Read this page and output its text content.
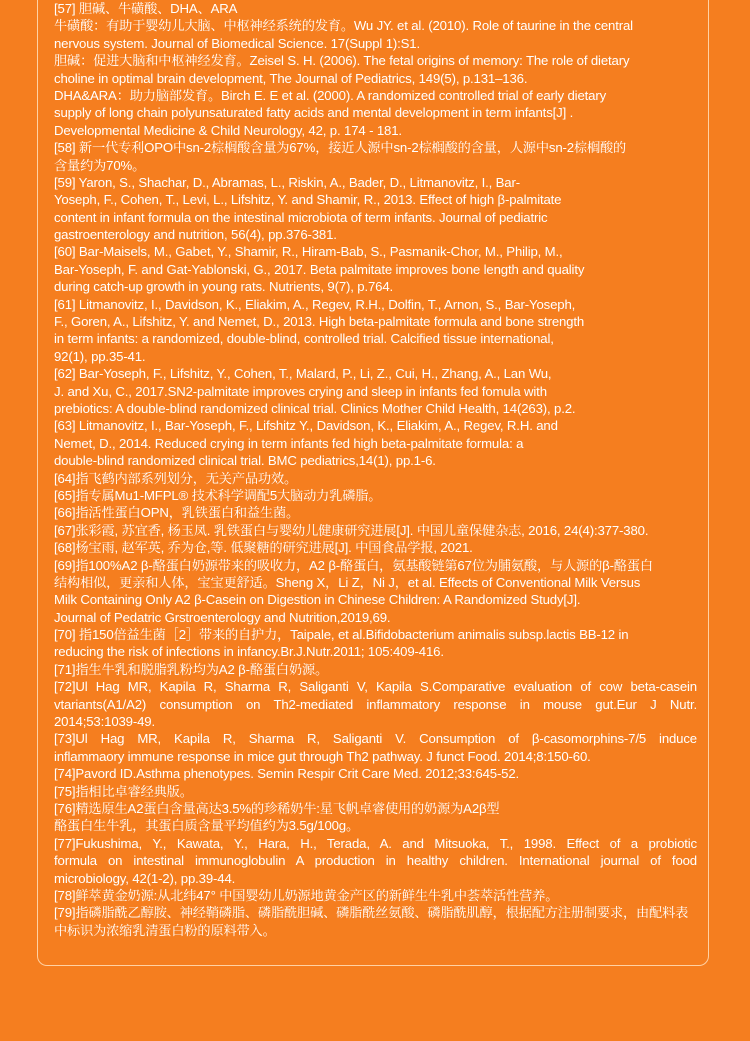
[57] 胆碱、牛磺酸、DHA、ARA
牛磺酸：有助于婴幼儿大脑、中枢神经系统的发育。Wu JY. et al. (2010). Role of taurine in the central
nervous system. Journal of Biomedical Science. 17(Suppl 1):S1.
胆碱：促进大脑和中枢神经发育。Zeisel S. H. (2006). The fetal origins of memory: The role of dietary
choline in optimal brain development, The Journal of Pediatrics, 149(5), p.131–136.
DHA&ARA：助力脑部发育。Birch E. E et al. (2000). A randomized controlled trial of early dietary
supply of long chain polyunsaturated fatty acids and mental development in term infants[J] .
Developmental Medicine & Child Neurology, 42, p. 174 - 181.
[58] 新一代专利OPO中sn-2棕榈酸含量为67%，接近人源中sn-2棕榈酸的含量，人源中sn-2棕榈酸的
含量约为70%。
[59] Yaron, S., Shachar, D., Abramas, L., Riskin, A., Bader, D., Litmanovitz, I., Bar-
Yoseph, F., Cohen, T., Levi, L., Lifshitz, Y. and Shamir, R., 2013. Effect of high β-palmitate
content in infant formula on the intestinal microbiota of term infants. Journal of pediatric
gastroenterology and nutrition, 56(4), pp.376-381.
[60] Bar-Maisels, M., Gabet, Y., Shamir, R., Hiram-Bab, S., Pasmanik-Chor, M., Philip, M.,
Bar-Yoseph, F. and Gat-Yablonski, G., 2017. Beta palmitate improves bone length and quality
during catch-up growth in young rats. Nutrients, 9(7), p.764.
[61] Litmanovitz, I., Davidson, K., Eliakim, A., Regev, R.H., Dolfin, T., Arnon, S., Bar-Yoseph,
F., Goren, A., Lifshitz, Y. and Nemet, D., 2013. High beta-palmitate formula and bone strength
in term infants: a randomized, double-blind, controlled trial. Calcified tissue international,
92(1), pp.35-41.
[62] Bar-Yoseph, F., Lifshitz, Y., Cohen, T., Malard, P., Li, Z., Cui, H., Zhang, A., Lan Wu,
J. and Xu, C., 2017.SN2-palmitate improves crying and sleep in infants fed fomula with
prebiotics: A double-blind randomized clinical trial. Clinics Mother Child Health, 14(263), p.2.
[63] Litmanovitz, I., Bar-Yoseph, F., Lifshitz Y., Davidson, K., Eliakim, A., Regev, R.H. and
Nemet, D., 2014. Reduced crying in term infants fed high beta-palmitate formula: a
double-blind randomized clinical trial. BMC pediatrics,14(1), pp.1-6.
[64]指飞鹤内部系列划分，无关产品功效。
[65]指专属Mu1-MFPL® 技术科学调配5大脑动力乳磷脂。
[66]指活性蛋白OPN，乳铁蛋白和益生菌。
[67]张彩霞, 苏宜香, 杨玉凤. 乳铁蛋白与婴幼儿健康研究进展[J]. 中国儿童保健杂志, 2016, 24(4):377-380.
[68]杨宝雨, 赵军英, 乔为仓,等. 低聚糖的研究进展[J]. 中国食品学报, 2021.
[69]指100%A2 β-酪蛋白奶源带来的吸收力，A2 β-酪蛋白，氨基酸链第67位为脯氨酸，与人源的β-酪蛋白
结构相似，更亲和人体，宝宝更舒适。Sheng X，Li Z，Ni J，et al. Effects of Conventional Milk Versus
Milk Containing Only A2 β-Casein on Digestion in Chinese Children: A Randomized Study[J].
Journal of Pedatric Grstroenterology and Nutrition,2019,69.
[70] 指150倍益生菌［2］带来的自护力，Taipale, et al.Bifidobacterium animalis subsp.lactis BB-12 in
reducing the risk of infections in infancy.Br.J.Nutr.2011; 105:409-416.
[71]指生牛乳和脱脂乳粉均为A2 β-酪蛋白奶源。
[72]Ul Hag MR, Kapila R, Sharma R, Saliganti V, Kapila S.Comparative evaluation of cow beta-casein
vtariants(A1/A2) consumption on Th2-mediated inflammatory response in mouse gut.Eur J Nutr.
2014;53:1039-49.
[73]Ul Hag MR, Kapila R, Sharma R, Saliganti V. Consumption of β-casomorphins-7/5 induce
inflammaory immune response in mice gut through Th2 pathway. J funct Food. 2014;8:150-60.
[74]Pavord ID.Asthma phenotypes. Semin Respir Crit Care Med. 2012;33:645-52.
[75]指相比卓睿经典版。
[76]精选原生A2蛋白含量高达3.5%的珍稀奶牛:星飞帆卓睿使用的奶源为A2β型
酪蛋白生牛乳，其蛋白质含量平均值约为3.5g/100g。
[77]Fukushima, Y., Kawata, Y., Hara, H., Terada, A. and Mitsuoka, T., 1998. Effect of a probiotic
formula on intestinal immunoglobulin A production in healthy children. International journal of food
microbiology, 42(1-2), pp.39-44.
[78]鲜萃黄金奶源:从北纬47° 中国婴幼儿奶源地黄金产区的新鲜生牛乳中荟萃活性营养。
[79]指磷脂酰乙醇胺、神经鞘磷脂、磷脂酰胆碱、磷脂酰丝氨酸、磷脂酰肌醇，根据配方注册制要求，由配料表
中标识为浓缩乳清蛋白粉的原料带入。
